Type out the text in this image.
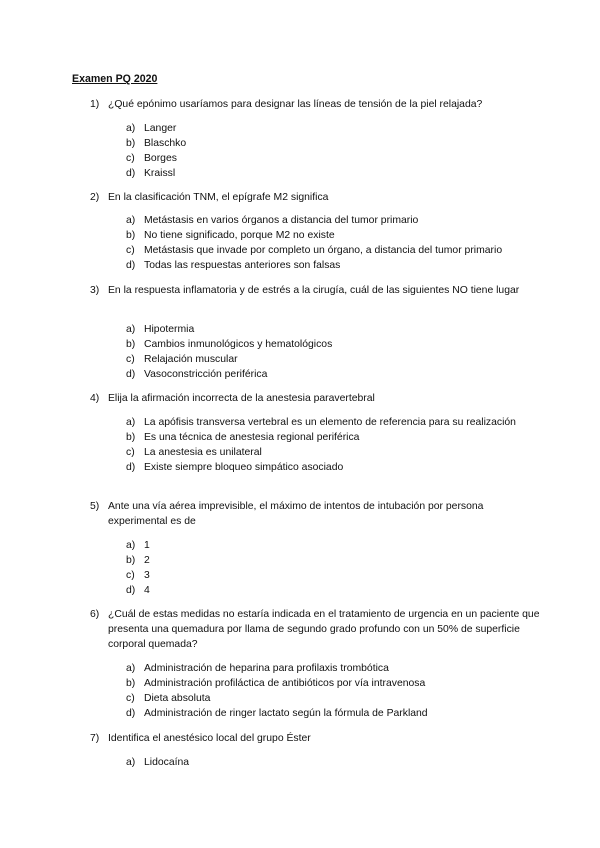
Examen PQ 2020
1) ¿Qué epónimo usaríamos para designar las líneas de tensión de la piel relajada?
a) Langer
b) Blaschko
c) Borges
d) Kraissl
2) En la clasificación TNM, el epígrafe M2 significa
a) Metástasis en varios órganos a distancia del tumor primario
b) No tiene significado, porque M2 no existe
c) Metástasis que invade por completo un órgano, a distancia del tumor primario
d) Todas las respuestas anteriores son falsas
3) En la respuesta inflamatoria y de estrés a la cirugía, cuál de las siguientes NO tiene lugar
a) Hipotermia
b) Cambios inmunológicos y hematológicos
c) Relajación muscular
d) Vasoconstricción periférica
4) Elija la afirmación incorrecta de la anestesia paravertebral
a) La apófisis transversa vertebral es un elemento de referencia para su realización
b) Es una técnica de anestesia regional periférica
c) La anestesia es unilateral
d) Existe siempre bloqueo simpático asociado
5) Ante una vía aérea imprevisible, el máximo de intentos de intubación por persona experimental es de
a) 1
b) 2
c) 3
d) 4
6) ¿Cuál de estas medidas no estaría indicada en el tratamiento de urgencia en un paciente que presenta una quemadura por llama de segundo grado profundo con un 50% de superficie corporal quemada?
a) Administración de heparina para profilaxis trombótica
b) Administración profiláctica de antibióticos por vía intravenosa
c) Dieta absoluta
d) Administración de ringer lactato según la fórmula de Parkland
7) Identifica el anestésico local del grupo Éster
a) Lidocaína
